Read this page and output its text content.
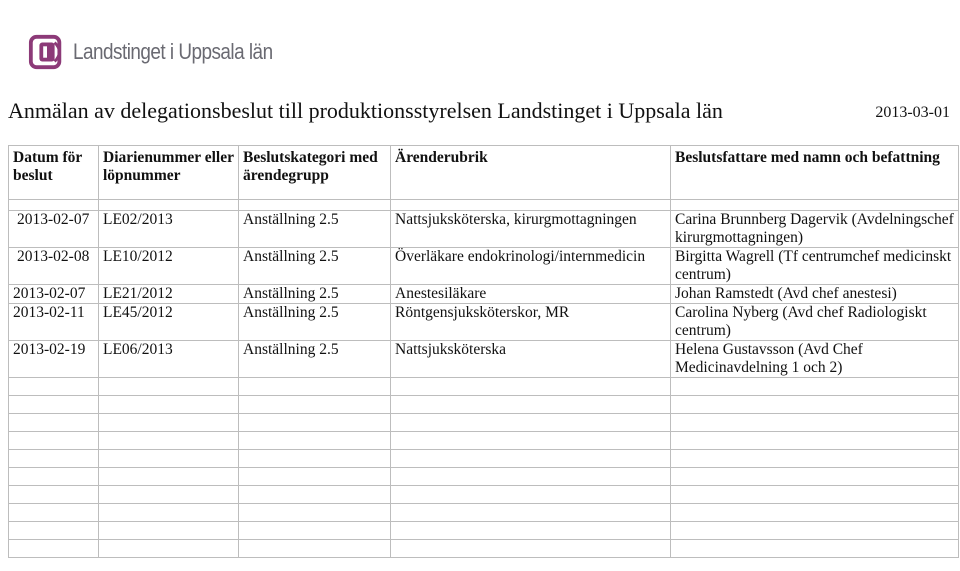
Landstinget i Uppsala län
Anmälan av delegationsbeslut till produktionsstyrelsen Landstinget i Uppsala län	2013-03-01
Datum för beslut	Diarienummer eller löpnummer	Beslutskategori med ärendegrupp	Ärenderubrik	Beslutsfattare med namn och befattning

2013-02-07	LE02/2013	Anställning 2.5	Nattsjuksköterska, kirurgmottagningen	Carina Brunnberg Dagervik (Avdelningschef kirurgmottagningen)
2013-02-08	LE10/2012	Anställning 2.5	Överläkare endokrinologi/internmedicin	Birgitta Wagrell (Tf centrumchef medicinskt centrum)
2013-02-07	LE21/2012	Anställning 2.5	Anestesiläkare	Johan Ramstedt (Avd chef anestesi)
2013-02-11	LE45/2012	Anställning 2.5	Röntgensjuksköterskor, MR	Carolina Nyberg (Avd chef Radiologiskt centrum)
2013-02-19	LE06/2013	Anställning 2.5	Nattsjuksköterska	Helena Gustavsson (Avd Chef Medicinavdelning 1 och 2)
